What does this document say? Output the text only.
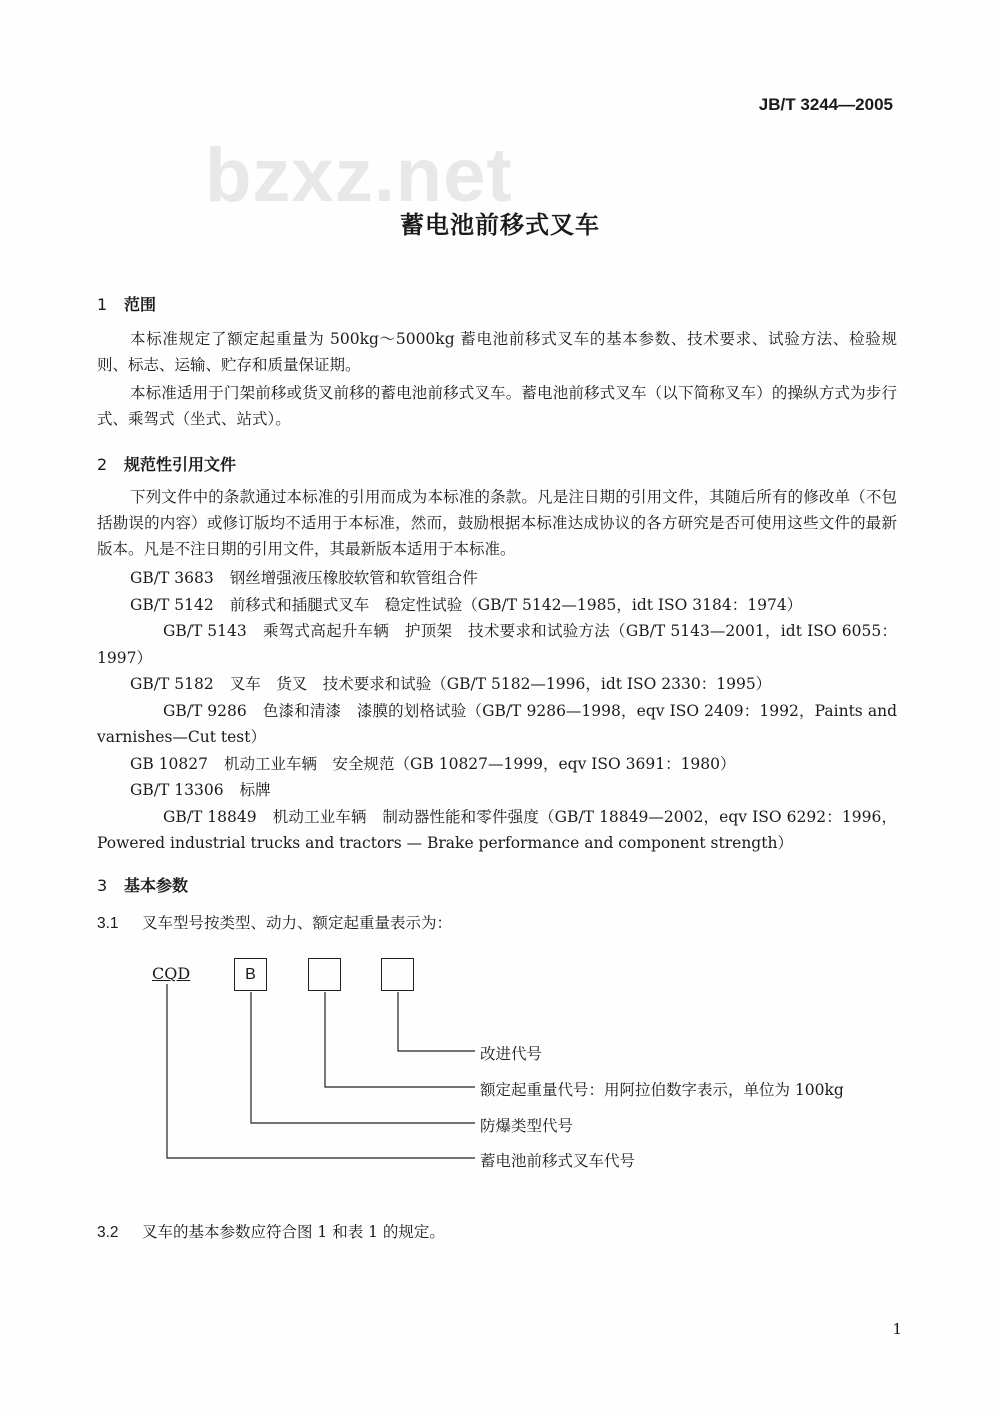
JB/T 3244—2005
bzxz.net
蓄电池前移式叉车
1 范围

本标准规定了额定起重量为 500kg～5000kg 蓄电池前移式叉车的基本参数、技术要求、试验方法、检验规则、标志、运输、贮存和质量保证期。

本标准适用于门架前移或货叉前移的蓄电池前移式叉车。蓄电池前移式叉车（以下简称叉车）的操纵方式为步行式、乘驾式（坐式、站式）。

2 规范性引用文件

下列文件中的条款通过本标准的引用而成为本标准的条款。凡是注日期的引用文件，其随后所有的修改单（不包括勘误的内容）或修订版均不适用于本标准，然而，鼓励根据本标准达成协议的各方研究是否可使用这些文件的最新版本。凡是不注日期的引用文件，其最新版本适用于本标准。

GB/T 3683 钢丝增强液压橡胶软管和软管组合件
GB/T 5142 前移式和插腿式叉车　稳定性试验（GB/T 5142—1985，idt ISO 3184：1974）
GB/T 5143 乘驾式高起升车辆　护顶架　技术要求和试验方法（GB/T 5143—2001，idt ISO 6055：1997）
GB/T 5182 叉车　货叉　技术要求和试验（GB/T 5182—1996，idt ISO 2330：1995）
GB/T 9286 色漆和清漆　漆膜的划格试验（GB/T 9286—1998，eqv ISO 2409：1992，Paints and varnishes—Cut test）
GB 10827 机动工业车辆　安全规范（GB 10827—1999，eqv ISO 3691：1980）
GB/T 13306 标牌
GB/T 18849 机动工业车辆　制动器性能和零件强度（GB/T 18849—2002，eqv ISO 6292：1996，Powered industrial trucks and tractors — Brake performance and component strength）
3 基本参数
3.1 叉车型号按类型、动力、额定起重量表示为：
CQD	B
改进代号
额定起重量代号：用阿拉伯数字表示，单位为 100kg
防爆类型代号
蓄电池前移式叉车代号
3.2 叉车的基本参数应符合图 1 和表 1 的规定。
1
